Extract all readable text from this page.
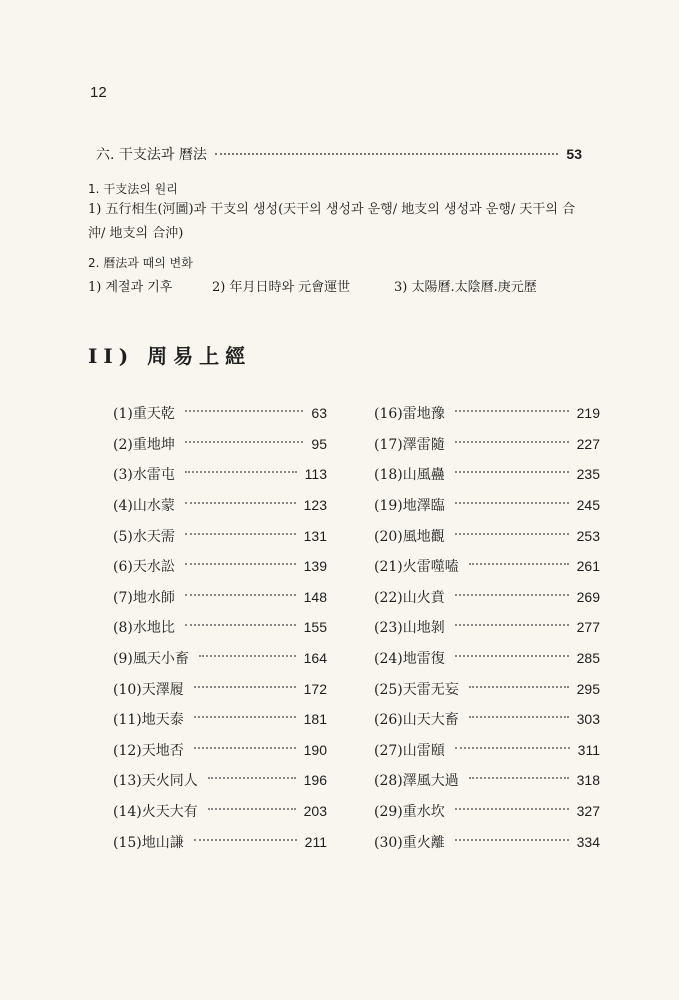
12
六. 干支法과 曆法	53
1. 干支法의 원리
1) 五行相生(河圖)과 干支의 생성(天干의 생성과 운행/ 地支의 생성과 운행/ 天干의 合
沖/ 地支의 合沖)
2. 曆法과 때의 변화
1) 계절과 기후	2) 年月日時와 元會運世	3) 太陽曆.太陰曆.庚元歷
II) 周易上經
(1)重天乾	63
(2)重地坤	95
(3)水雷屯	113
(4)山水蒙	123
(5)水天需	131
(6)天水訟	139
(7)地水師	148
(8)水地比	155
(9)風天小畜	164
(10)天澤履	172
(11)地天泰	181
(12)天地否	190
(13)天火同人	196
(14)火天大有	203
(15)地山謙	211
(16)雷地豫	219
(17)澤雷隨	227
(18)山風蠱	235
(19)地澤臨	245
(20)風地觀	253
(21)火雷噬嗑	261
(22)山火賁	269
(23)山地剝	277
(24)地雷復	285
(25)天雷无妄	295
(26)山天大畜	303
(27)山雷頤	311
(28)澤風大過	318
(29)重水坎	327
(30)重火離	334
